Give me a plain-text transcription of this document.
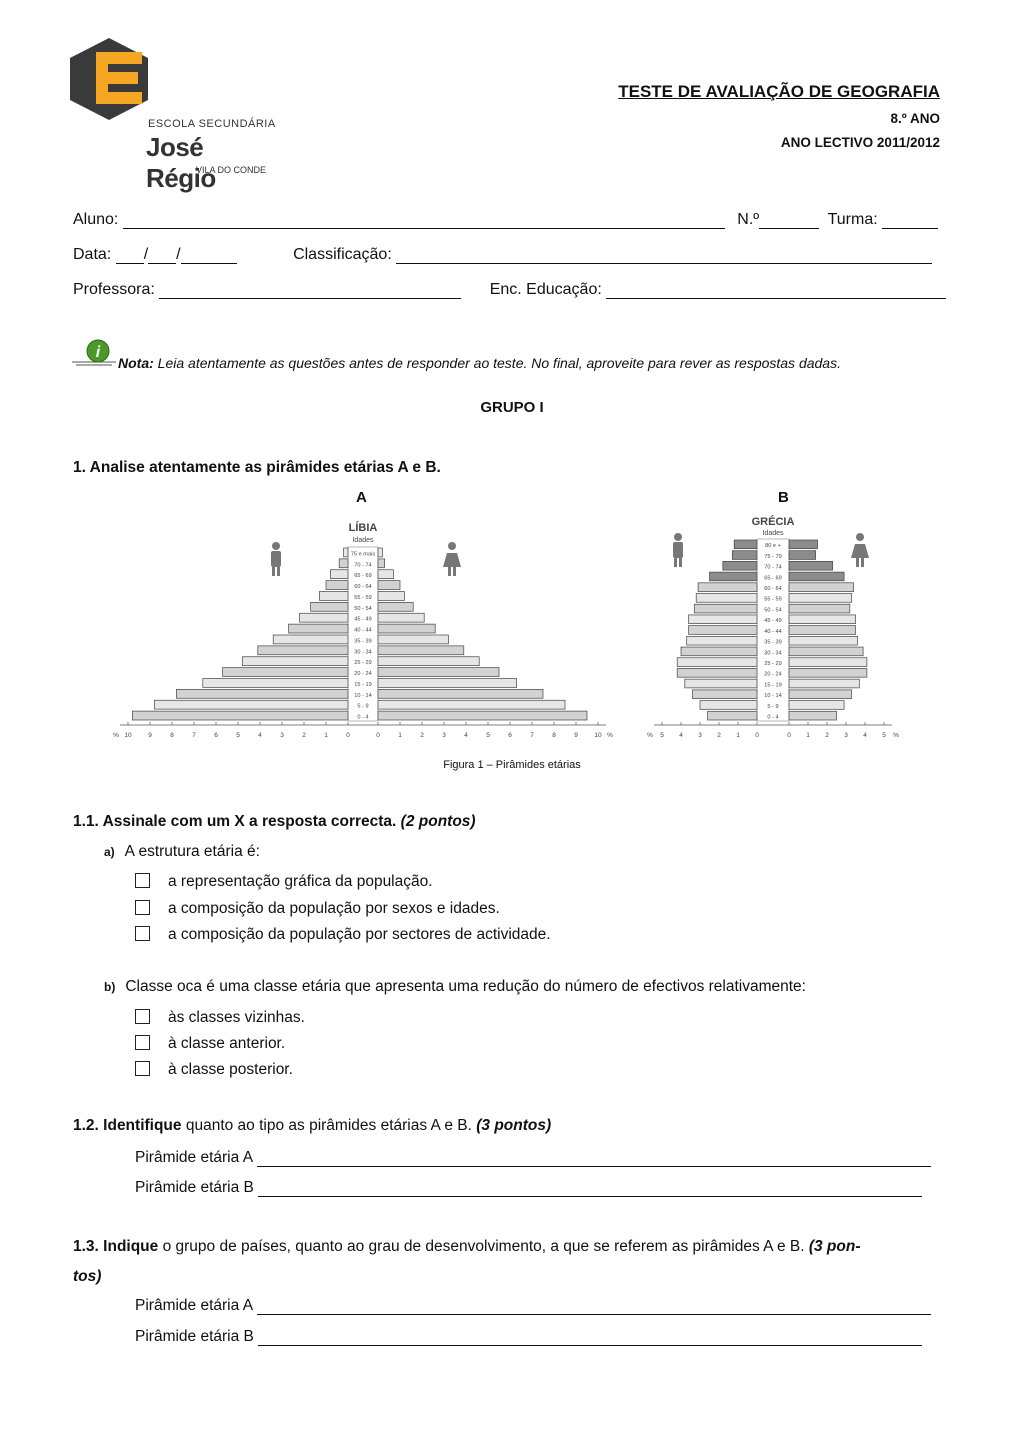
ESCOLA SECUNDÁRIA
José Régio
VILA DO CONDE
TESTE DE AVALIAÇÃO DE GEOGRAFIA
8.º ANO
ANO LECTIVO 2011/2012
Aluno:	N.º	Turma:
Data: / /	Classificação:
Professora:	Enc. Educação:
i
Nota: Leia atentamente as questões antes de responder ao teste. No final, aproveite para rever as respostas dadas.
GRUPO I
1. Analise atentamente as pirâmides etárias A e B.
A	B
LÍBIA
Idades
0 - 4
5 - 9
10 - 14
15 - 19
20 - 24
25 - 29
30 - 34
35 - 39
40 - 44
45 - 49
50 - 54
55 - 59
60 - 64
65 - 69
70 - 74
75 e mais
10	9	8	7	6	5	4	3	2	1	0	0	1	2	3	4	5	6	7	8	9	10
%	%
GRÉCIA
Idades
0 - 4
5 - 9
10 - 14
15 - 19
20 - 24
25 - 29
30 - 34
35 - 39
40 - 44
45 - 49
50 - 54
55 - 59
60 - 64
65 - 69
70 - 74
75 - 79
80 e +
5 4 3 2 1 0	0 1 2 3 4 5
%	%
Figura 1 – Pirâmides etárias
1.1. Assinale com um X a resposta correcta. (2 pontos)
a) A estrutura etária é:
a representação gráfica da população.
a composição da população por sexos e idades.
a composição da população por sectores de actividade.
b) Classe oca é uma classe etária que apresenta uma redução do número de efectivos relativamente:
às classes vizinhas.
à classe anterior.
à classe posterior.
1.2. Identifique quanto ao tipo as pirâmides etárias A e B. (3 pontos)
Pirâmide etária A
Pirâmide etária B
1.3. Indique o grupo de países, quanto ao grau de desenvolvimento, a que se referem as pirâmides A e B. (3 pon-
tos)
Pirâmide etária A
Pirâmide etária B
